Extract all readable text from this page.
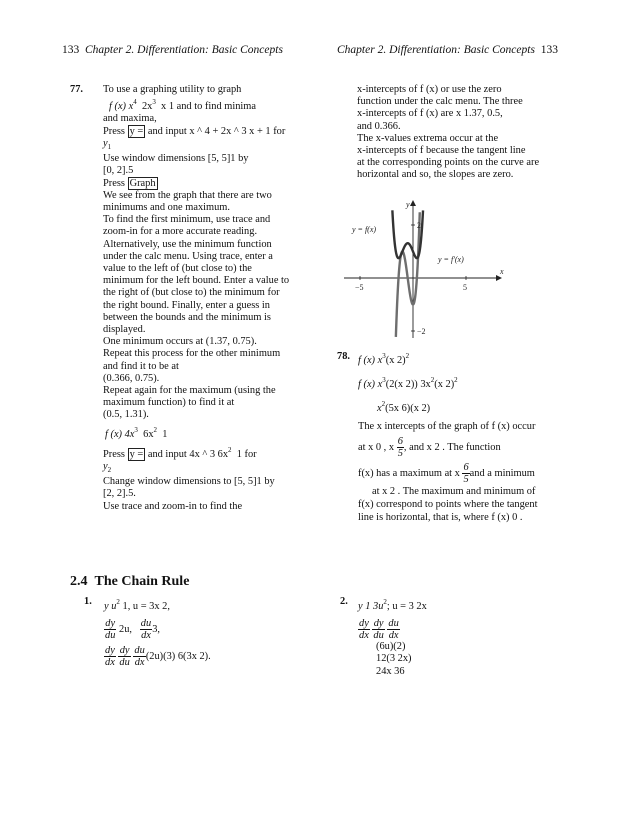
133 Chapter 2. Differentiation: Basic Concepts	Chapter 2. Differentiation: Basic Concepts 133
77. To use a graphing utility to graph
f (x) $x^4$ $2x^3$ x 1 and to find minima
and maxima,
Press y = and input x ^ 4 + 2x ^ 3 x + 1 for
$y_1$
Use window dimensions [5, 5]1 by
[0, 2].5
Press Graph
We see from the graph that there are two
minimums and one maximum.
To find the first minimum, use trace and
zoom-in for a more accurate reading.
Alternatively, use the minimum function
under the calc menu. Using trace, enter a
value to the left of (but close to) the
minimum for the left bound. Enter a value to
the right of (but close to) the minimum for
the right bound. Finally, enter a guess in
between the bounds and the minimum is
displayed.
One minimum occurs at (1.37, 0.75).
Repeat this process for the other minimum
and find it to be at
(0.366, 0.75).
Repeat again for the maximum (using the
maximum function) to find it at
(0.5, 1.31).
f (x) $4x^3$ $6x^2$ 1
Press y = and input 4x ^ 3 $6x^2$ 1 for
$y_2$
Change window dimensions to [5, 5]1 by
[2, 2].5.
Use trace and zoom-in to find the
x-intercepts of f (x) or use the zero
function under the calc menu. The three
x-intercepts of f (x) are x 1.37, 0.5,
and 0.366.
The x-values extrema occur at the
x-intercepts of f because the tangent line
at the corresponding points on the curve are
horizontal and so, the slopes are zero.
y = f(x)
y = f'(x)
x
y
−5	5
2
−2
78. f (x) $x^3(x$ 2)$^2$
f (x) $x^3(2(x$ 2)) $3x^2(x$ 2)$^2$
$x^2(5x$ 6)(x 2)
The x intercepts of the graph of f (x) occur
at x 0 , x $\frac{6}{5}$ , and x 2 . The function
f(x) has a maximum at x $\frac{6}{5}$ and a minimum
at x 2 . The maximum and minimum of
f(x) correspond to points where the tangent
line is horizontal, that is, where f (x) 0 .
2.4 The Chain Rule
1. y $u^2$ 1, u = 3x 2,
$\frac{dy}{du} 2u$, $\frac{du}{dx} 3$,
$\frac{dy}{dx}$
$\frac{dy}{du}$
$\frac{du}{dx} (2u)(3)$ 6(3x 2).
2. y 1 $3u^2$; u = 3 2x
$\frac{dy}{dx}$
$\frac{dy}{du}$
$\frac{du}{dx}$
(6u)(2)
12(3 2x)
24x 36
